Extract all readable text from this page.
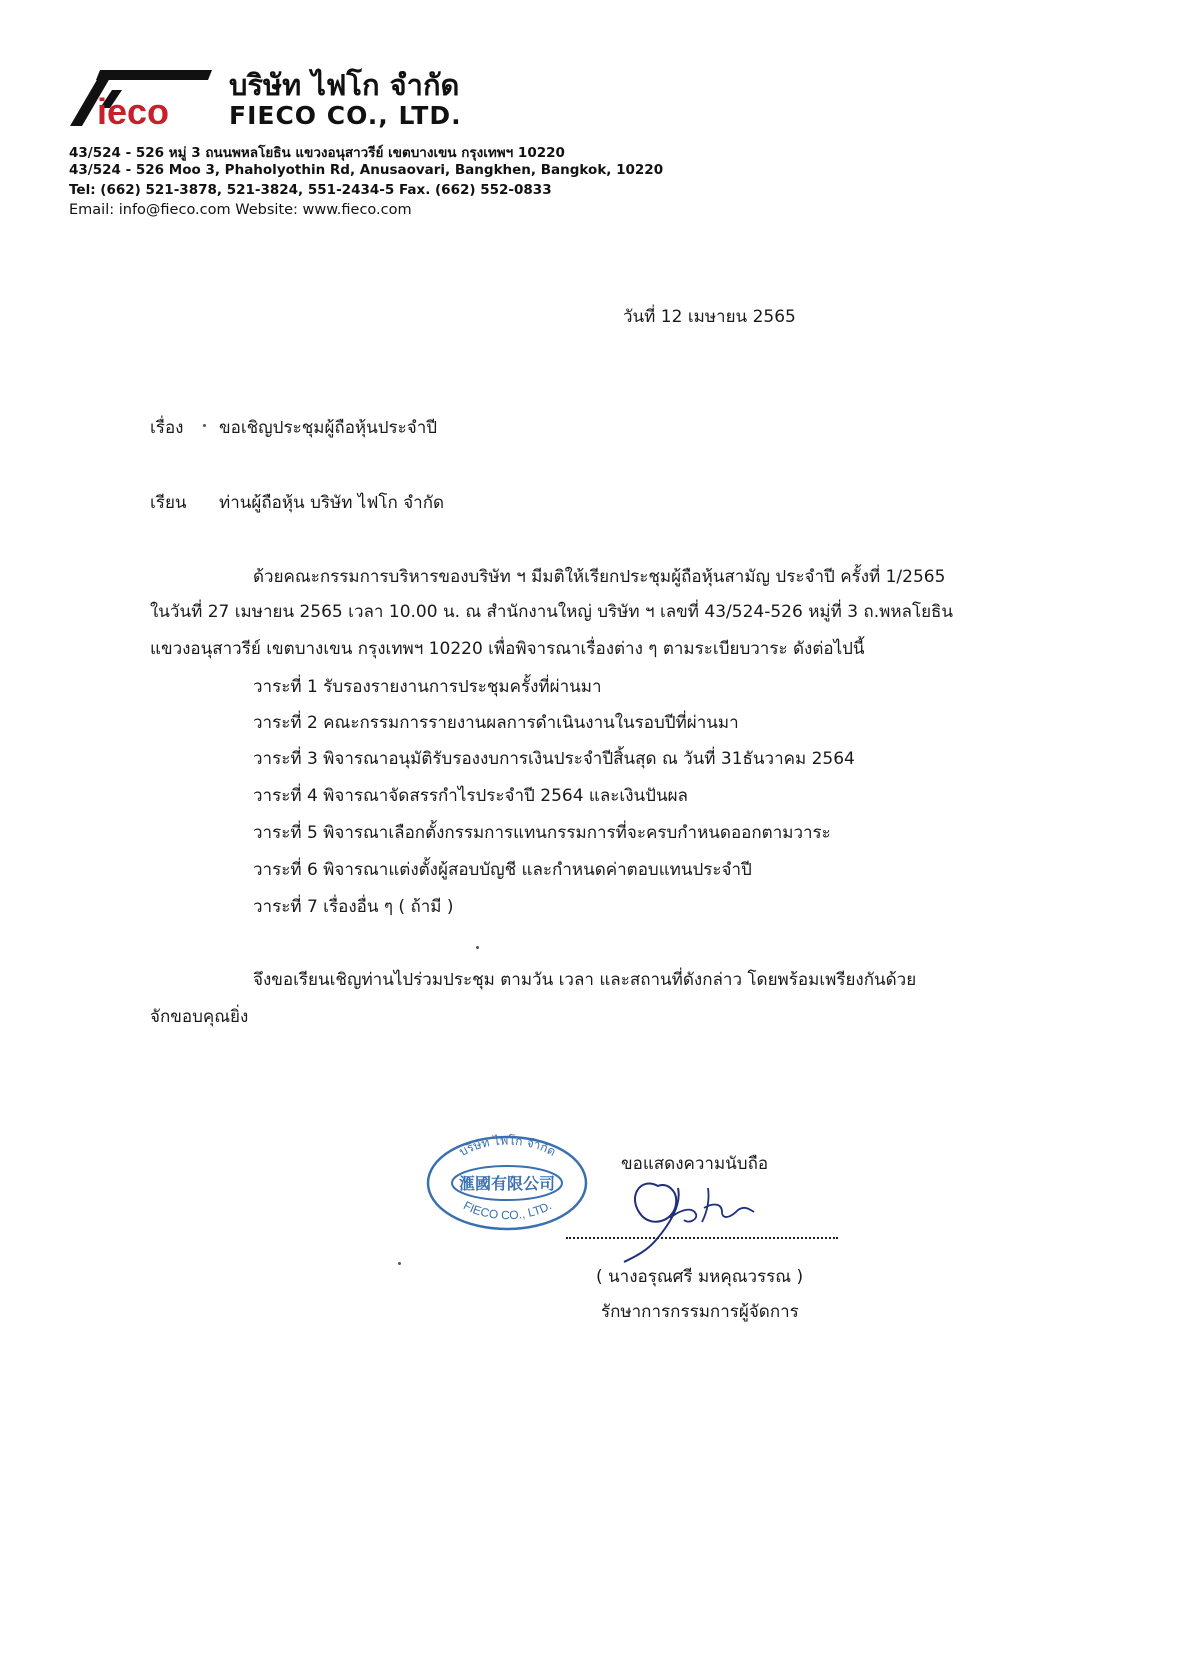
ieco
บริษัท ไฟโก จำกัด
FIECO CO., LTD.
43/524 - 526 หมู่ 3 ถนนพหลโยธิน แขวงอนุสาวรีย์ เขตบางเขน กรุงเทพฯ 10220
43/524 - 526 Moo 3, Phaholyothin Rd, Anusaovari, Bangkhen, Bangkok, 10220
Tel: (662) 521-3878, 521-3824, 551-2434-5 Fax. (662) 552-0833
Email: info@fieco.com Website: www.fieco.com
วันที่ 12 เมษายน 2565
เรื่อง ขอเชิญประชุมผู้ถือหุ้นประจำปี
เรียน ท่านผู้ถือหุ้น บริษัท ไฟโก จำกัด
ด้วยคณะกรรมการบริหารของบริษัท ฯ มีมติให้เรียกประชุมผู้ถือหุ้นสามัญ ประจำปี ครั้งที่ 1/2565
ในวันที่ 27 เมษายน 2565 เวลา 10.00 น. ณ สำนักงานใหญ่ บริษัท ฯ เลขที่ 43/524-526 หมู่ที่ 3 ถ.พหลโยธิน
แขวงอนุสาวรีย์ เขตบางเขน กรุงเทพฯ 10220 เพื่อพิจารณาเรื่องต่าง ๆ ตามระเบียบวาระ ดังต่อไปนี้
วาระที่ 1 รับรองรายงานการประชุมครั้งที่ผ่านมา
วาระที่ 2 คณะกรรมการรายงานผลการดำเนินงานในรอบปีที่ผ่านมา
วาระที่ 3 พิจารณาอนุมัติรับรองงบการเงินประจำปีสิ้นสุด ณ วันที่ 31ธันวาคม 2564
วาระที่ 4 พิจารณาจัดสรรกำไรประจำปี 2564 และเงินปันผล
วาระที่ 5 พิจารณาเลือกตั้งกรรมการแทนกรรมการที่จะครบกำหนดออกตามวาระ
วาระที่ 6 พิจารณาแต่งตั้งผู้สอบบัญชี และกำหนดค่าตอบแทนประจำปี
วาระที่ 7 เรื่องอื่น ๆ ( ถ้ามี )
จึงขอเรียนเชิญท่านไปร่วมประชุม ตามวัน เวลา และสถานที่ดังกล่าว โดยพร้อมเพรียงกันด้วย
จักขอบคุณยิ่ง
บริษัท ไฟโก จำกัด
滙國有限公司
FIECO CO., LTD.
ขอแสดงความนับถือ
( นางอรุณศรี มหคุณวรรณ )
รักษาการกรรมการผู้จัดการ
